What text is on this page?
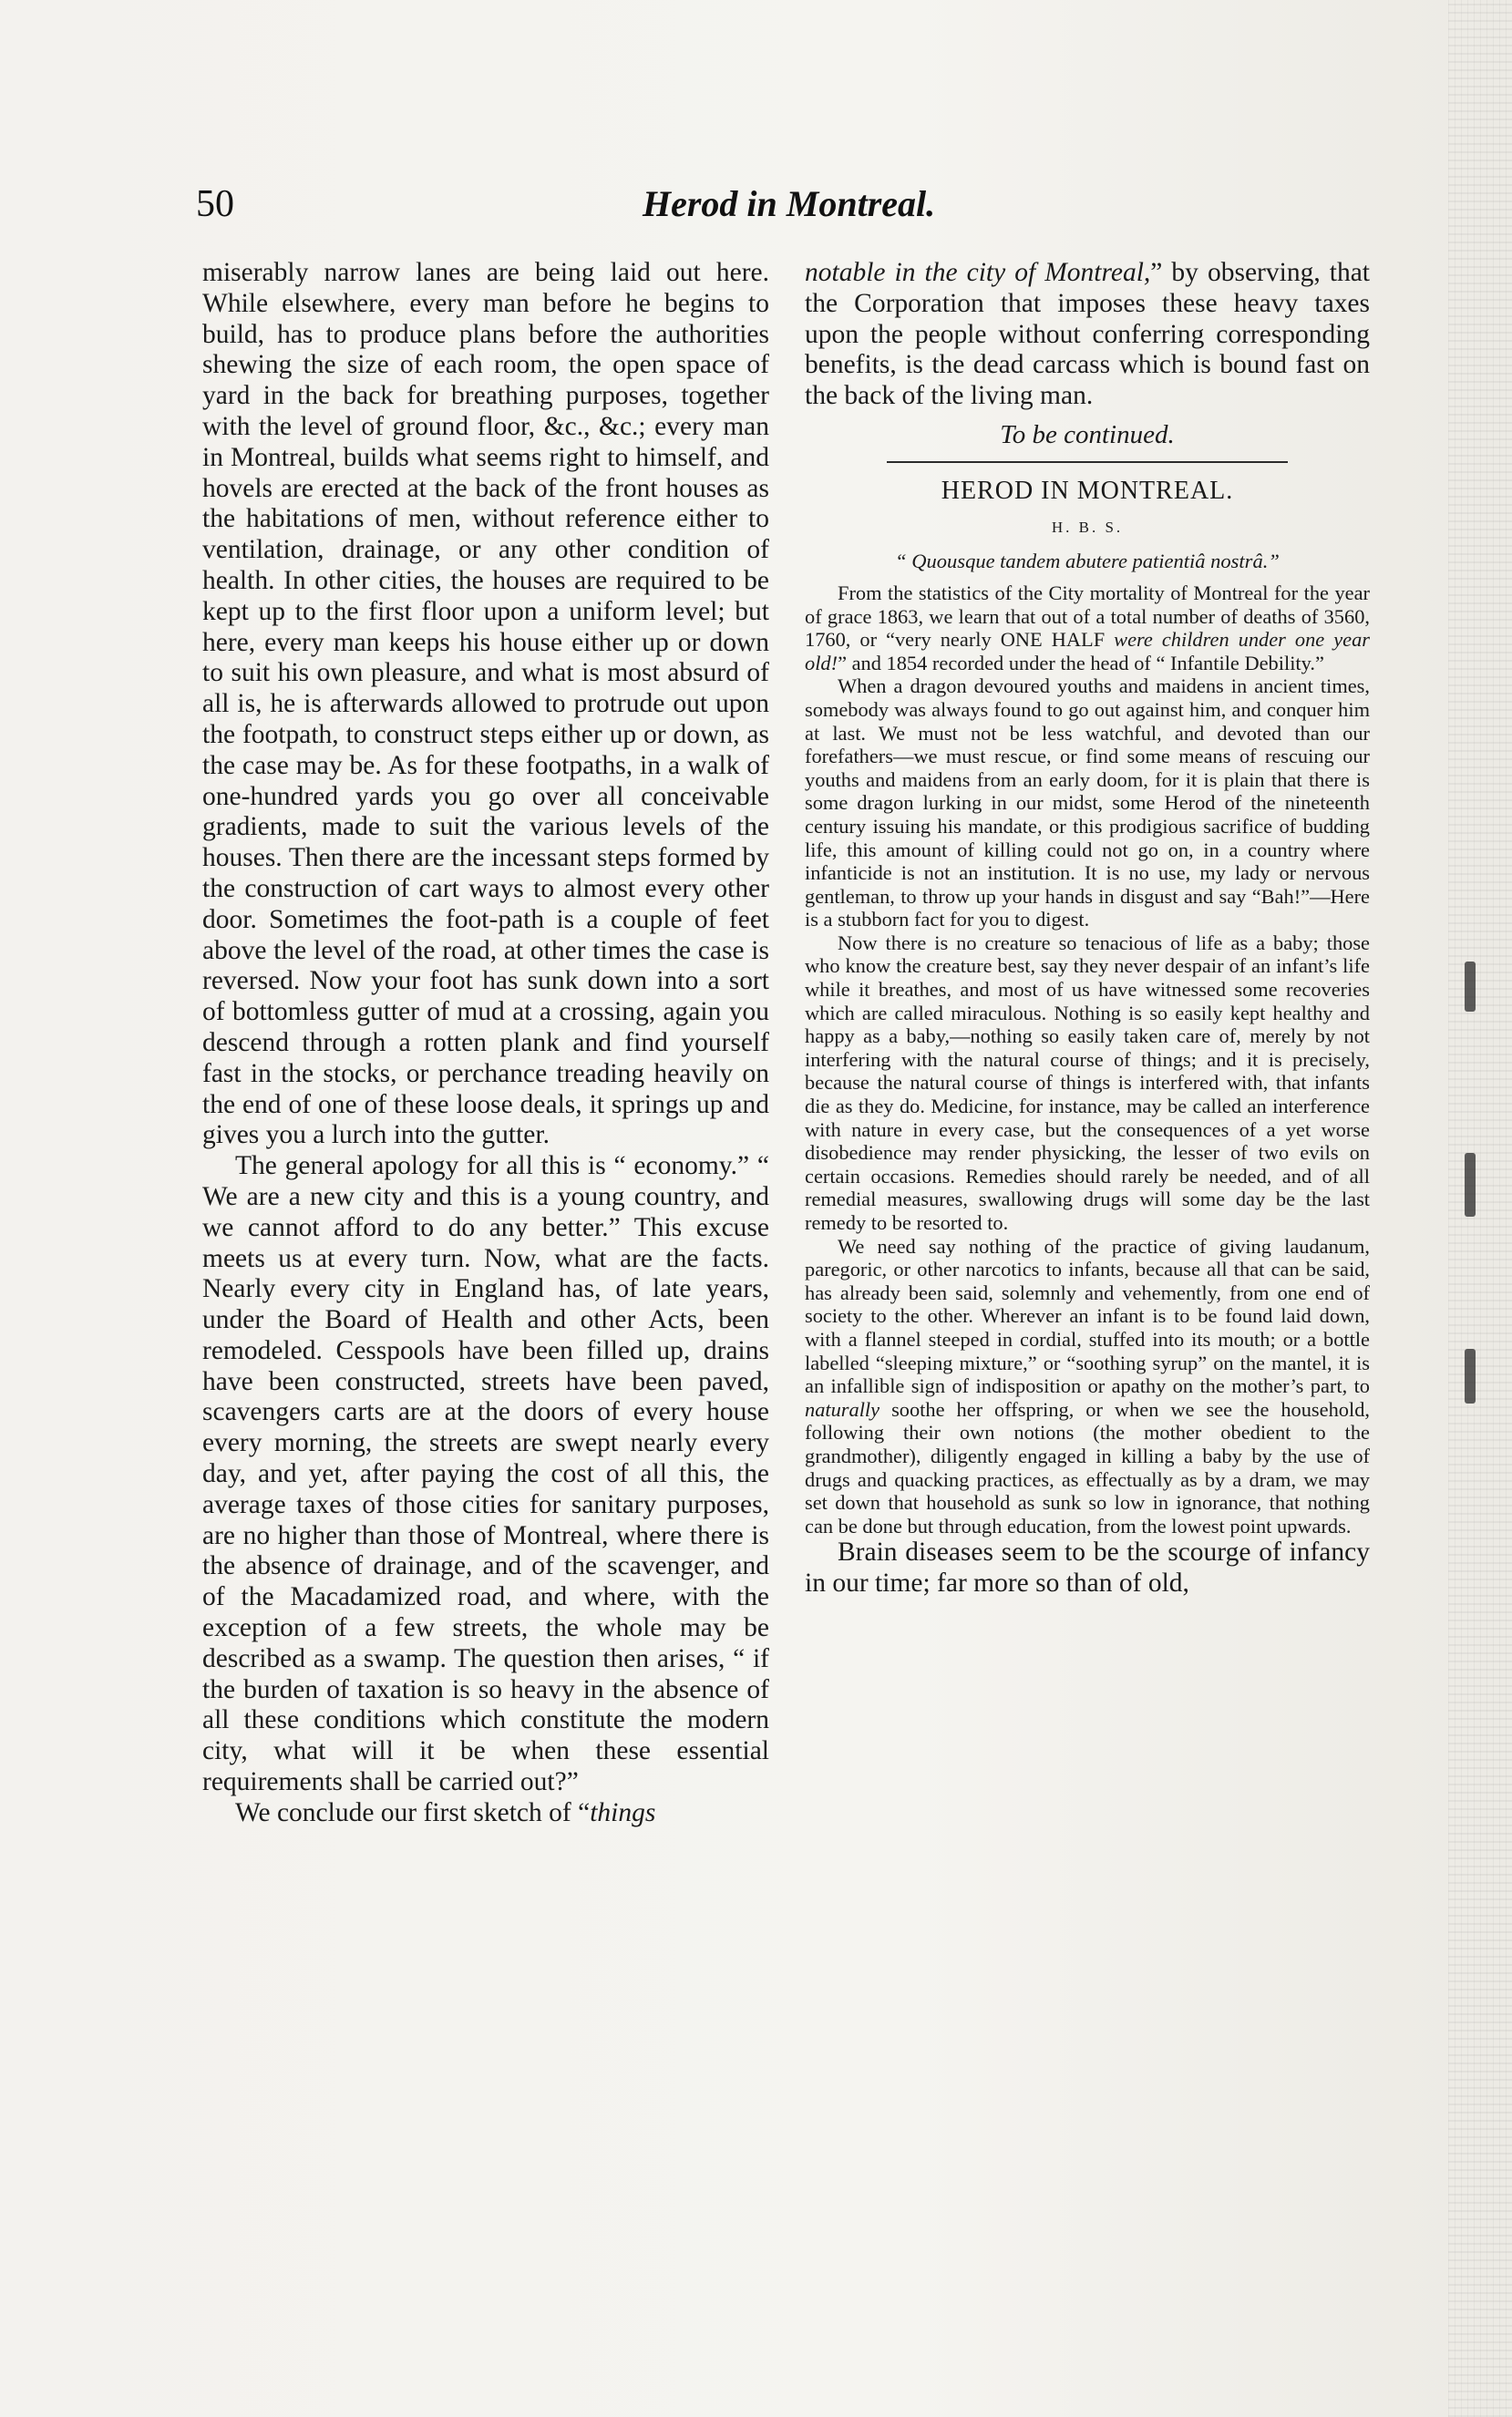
50	Herod in Montreal.

miserably narrow lanes are being laid out here. While elsewhere, every man before he begins to build, has to produce plans before the authorities shewing the size of each room, the open space of yard in the back for breathing purposes, together with the level of ground floor, &c., &c.; every man in Montreal, builds what seems right to himself, and hovels are erected at the back of the front houses as the habitations of men, without reference either to ventilation, drainage, or any other condition of health. In other cities, the houses are required to be kept up to the first floor upon a uniform level; but here, every man keeps his house either up or down to suit his own pleasure, and what is most absurd of all is, he is afterwards allowed to protrude out upon the footpath, to construct steps either up or down, as the case may be. As for these footpaths, in a walk of one-hundred yards you go over all conceivable gradients, made to suit the various levels of the houses. Then there are the incessant steps formed by the construction of cart ways to almost every other door. Sometimes the foot-path is a couple of feet above the level of the road, at other times the case is reversed. Now your foot has sunk down into a sort of bottomless gutter of mud at a crossing, again you descend through a rotten plank and find yourself fast in the stocks, or perchance treading heavily on the end of one of these loose deals, it springs up and gives you a lurch into the gutter.

The general apology for all this is “ economy.” “ We are a new city and this is a young country, and we cannot afford to do any better.” This excuse meets us at every turn. Now, what are the facts. Nearly every city in England has, of late years, under the Board of Health and other Acts, been remodeled. Cesspools have been filled up, drains have been constructed, streets have been paved, scavengers carts are at the doors of every house every morning, the streets are swept nearly every day, and yet, after paying the cost of all this, the average taxes of those cities for sanitary purposes, are no higher than those of Montreal, where there is the absence of drainage, and of the scavenger, and of the Macadamized road, and where, with the exception of a few streets, the whole may be described as a swamp. The question then arises, “ if the burden of taxation is so heavy in the absence of all these conditions which constitute the modern city, what will it be when these essential requirements shall be carried out?”

We conclude our first sketch of “things

notable in the city of Montreal,” by observing, that the Corporation that imposes these heavy taxes upon the people without conferring corresponding benefits, is the dead carcass which is bound fast on the back of the living man.

To be continued.
HEROD IN MONTREAL.
H. B. S.
“ Quousque tandem abutere patientiâ nostrâ.”

From the statistics of the City mortality of Montreal for the year of grace 1863, we learn that out of a total number of deaths of 3560, 1760, or “very nearly ONE HALF were children under one year old!” and 1854 recorded under the head of “ Infantile Debility.”

When a dragon devoured youths and maidens in ancient times, somebody was always found to go out against him, and conquer him at last. We must not be less watchful, and devoted than our forefathers—we must rescue, or find some means of rescuing our youths and maidens from an early doom, for it is plain that there is some dragon lurking in our midst, some Herod of the nineteenth century issuing his mandate, or this prodigious sacrifice of budding life, this amount of killing could not go on, in a country where infanticide is not an institution. It is no use, my lady or nervous gentleman, to throw up your hands in disgust and say “Bah!”—Here is a stubborn fact for you to digest.

Now there is no creature so tenacious of life as a baby; those who know the creature best, say they never despair of an infant’s life while it breathes, and most of us have witnessed some recoveries which are called miraculous. Nothing is so easily kept healthy and happy as a baby,—nothing so easily taken care of, merely by not interfering with the natural course of things; and it is precisely, because the natural course of things is interfered with, that infants die as they do. Medicine, for instance, may be called an interference with nature in every case, but the consequences of a yet worse disobedience may render physicking, the lesser of two evils on certain occasions. Remedies should rarely be needed, and of all remedial measures, swallowing drugs will some day be the last remedy to be resorted to.

We need say nothing of the practice of giving laudanum, paregoric, or other narcotics to infants, because all that can be said, has already been said, solemnly and vehemently, from one end of society to the other. Wherever an infant is to be found laid down, with a flannel steeped in cordial, stuffed into its mouth; or a bottle labelled “sleeping mixture,” or “soothing syrup” on the mantel, it is an infallible sign of indisposition or apathy on the mother’s part, to naturally soothe her offspring, or when we see the household, following their own notions (the mother obedient to the grandmother), diligently engaged in killing a baby by the use of drugs and quacking practices, as effectually as by a dram, we may set down that household as sunk so low in ignorance, that nothing can be done but through education, from the lowest point upwards.

Brain diseases seem to be the scourge of infancy in our time; far more so than of old,
